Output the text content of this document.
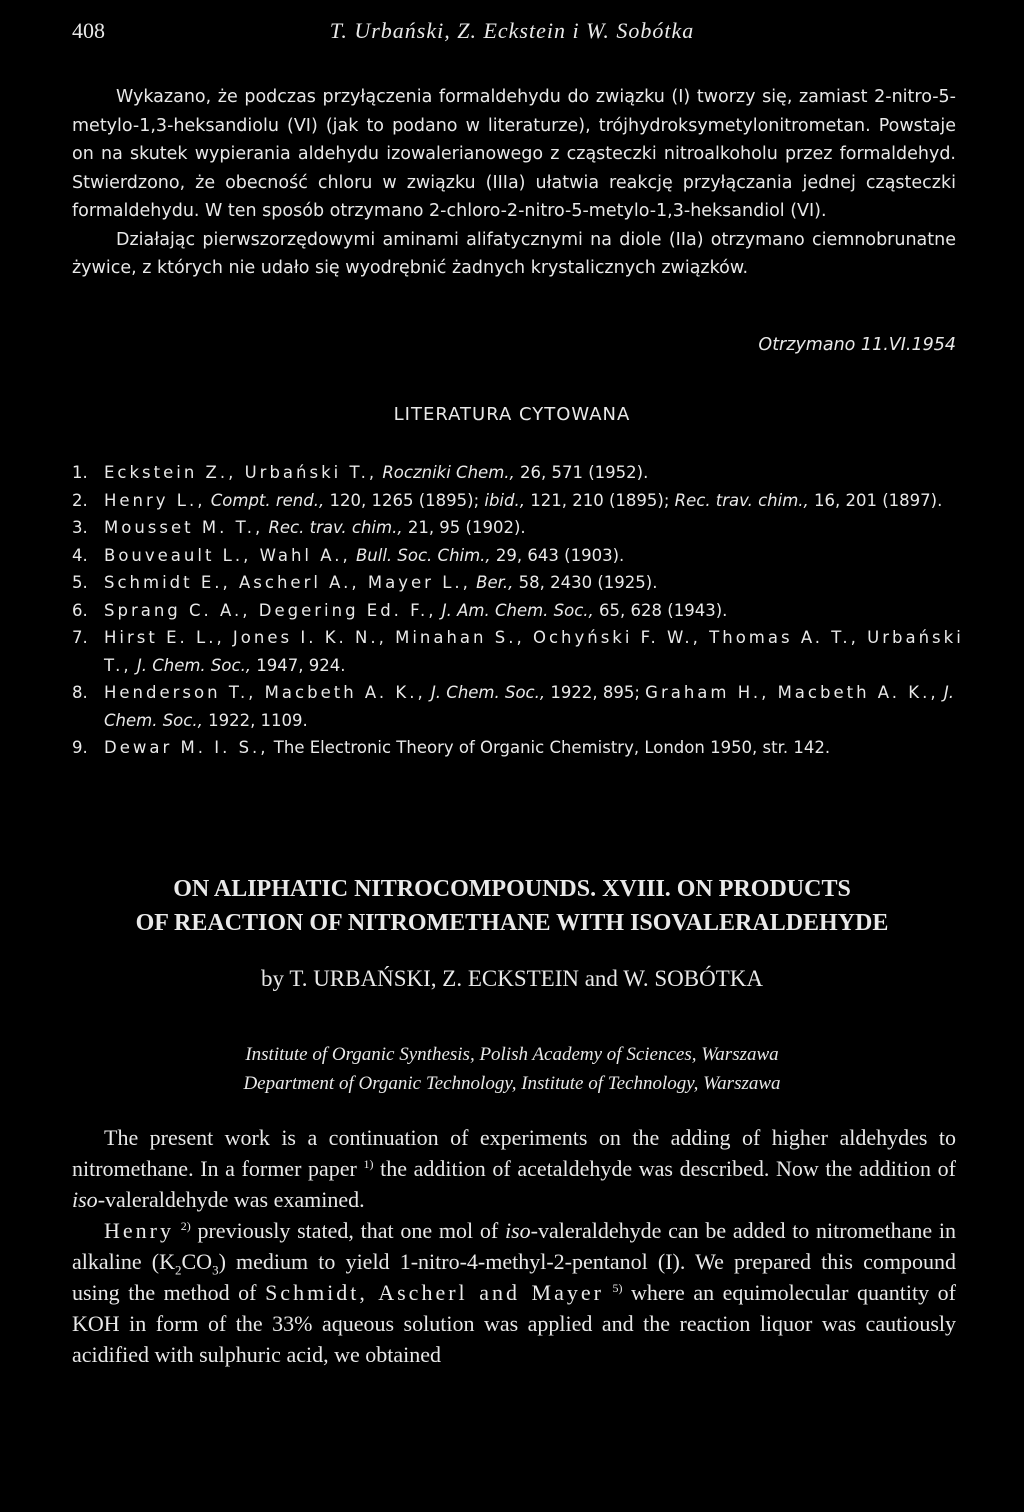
408	T. Urbański, Z. Eckstein i W. Sobótka

Wykazano, że podczas przyłączenia formaldehydu do związku (I) tworzy się, zamiast 2-nitro-5-metylo-1,3-heksandiolu (VI) (jak to podano w literaturze), trójhydroksymetylonitrometan. Powstaje on na skutek wypierania aldehydu izowalerianowego z cząsteczki nitroalkoholu przez formaldehyd. Stwierdzono, że obecność chloru w związku (IIIa) ułatwia reakcję przyłączania jednej cząsteczki formaldehydu. W ten sposób otrzymano 2-chloro-2-nitro-5-metylo-1,3-heksandiol (VI).

Działając pierwszorzędowymi aminami alifatycznymi na diole (IIa) otrzymano ciemnobrunatne żywice, z których nie udało się wyodrębnić żadnych krystalicznych związków.

Otrzymano 11.VI.1954
LITERATURA CYTOWANA
1. Eckstein Z., Urbański T., Roczniki Chem., 26, 571 (1952).
2. Henry L., Compt. rend., 120, 1265 (1895); ibid., 121, 210 (1895); Rec. trav. chim., 16, 201 (1897).
3. Mousset M. T., Rec. trav. chim., 21, 95 (1902).
4. Bouveault L., Wahl A., Bull. Soc. Chim., 29, 643 (1903).
5. Schmidt E., Ascherl A., Mayer L., Ber., 58, 2430 (1925).
6. Sprang C. A., Degering Ed. F., J. Am. Chem. Soc., 65, 628 (1943).
7. Hirst E. L., Jones I. K. N., Minahan S., Ochyński F. W., Thomas A. T., Urbański T., J. Chem. Soc., 1947, 924.
8. Henderson T., Macbeth A. K., J. Chem. Soc., 1922, 895; Graham H., Macbeth A. K., J. Chem. Soc., 1922, 1109.
9. Dewar M. I. S., The Electronic Theory of Organic Chemistry, London 1950, str. 142.
ON ALIPHATIC NITROCOMPOUNDS. XVIII. ON PRODUCTS
OF REACTION OF NITROMETHANE WITH ISOVALERALDEHYDE
by T. URBAŃSKI, Z. ECKSTEIN and W. SOBÓTKA
Institute of Organic Synthesis, Polish Academy of Sciences, Warszawa
Department of Organic Technology, Institute of Technology, Warszawa

The present work is a continuation of experiments on the adding of higher aldehydes to nitromethane. In a former paper $^{1)}$ the addition of acetaldehyde was described. Now the addition of iso-valeraldehyde was examined.

Henry $^{2)}$ previously stated, that one mol of iso-valeraldehyde can be added to nitromethane in alkaline $(K_2CO_3)$ medium to yield 1-nitro-4-methyl-2-pentanol (I). We prepared this compound using the method of Schmidt, Ascherl and Mayer $^{5)}$ where an equimolecular quantity of KOH in form of the 33% aqueous solution was applied and the reaction liquor was cautiously acidified with sulphuric acid, we obtained
